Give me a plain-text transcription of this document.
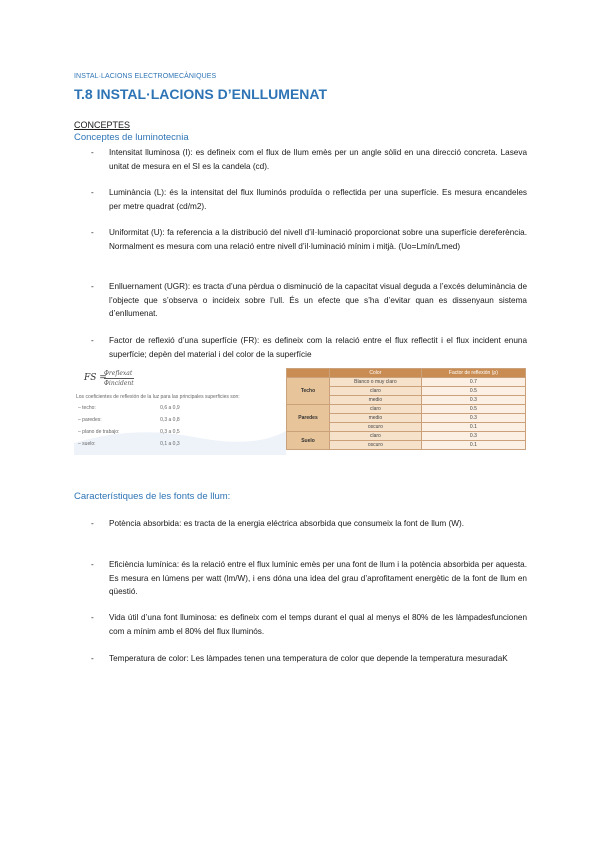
INSTAL·LACIONS ELECTROMECÀNIQUES
T.8 INSTAL·LACIONS D’ENLLUMENAT
CONCEPTES
Conceptes de luminotecnia
- Intensitat lluminosa (I): es defineix com el flux de llum emès per un angle sòlid en una direcció concreta. Laseva unitat de mesura en el SI es la candela (cd).
- Luminància (L): és la intensitat del flux lluminós produïda o reflectida per una superfície. Es mesura encandeles per metre quadrat (cd/m2).
- Uniformitat (U): fa referencia a la distribució del nivell d’il·luminació proporcionat sobre una superfície dereferència. Normalment es mesura com una relació entre nivell d’il·luminació mínim i mitjà. (Uo=Lmín/Lmed)
- Enlluernament (UGR): es tracta d’una pèrdua o disminució de la capacitat visual deguda a l’excés deluminància de l’objecte que s’observa o incideix sobre l’ull. És un efecte que s’ha d’evitar quan es dissenyaun sistema d’enllumenat.
- Factor de reflexió d’una superfície (FR): es defineix com la relació entre el flux reflectit i el flux incident enuna superfície; depèn del material i del color de la superfície
FS =
Φreflexat
Φincident
Los coeficientes de reflexión de la luz para las principales superficies son:
– techo:	0,6 a 0,9
– paredes:	0,3 a 0,8
– plano de trabajo:	0,3 a 0,5
– suelo:	0,1 a 0,3
	Color	Factor de reflexión (ρ)
Techo	Blanco o muy claro	0.7
	claro	0.5
	medio	0.3
Paredes	claro	0.5
	medio	0.3
	oscuro	0.1
Suelo	claro	0.3
	oscuro	0.1
Característiques de les fonts de llum:
- Potència absorbida: es tracta de la energia eléctrica absorbida que consumeix la font de llum (W).
- Eficiència lumínica: és la relació entre el flux lumínic emès per una font de llum i la potència absorbida per aquesta. Es mesura en lúmens per watt (lm/W), i ens dóna una idea del grau d’aprofitament energètic de la font de llum en qüestió.
- Vida útil d’una font lluminosa: es defineix com el temps durant el qual al menys el 80% de les làmpadesfuncionen com a mínim amb el 80% del flux lluminós.
- Temperatura de color: Les làmpades tenen una temperatura de color que depende la temperatura mesuradaK
